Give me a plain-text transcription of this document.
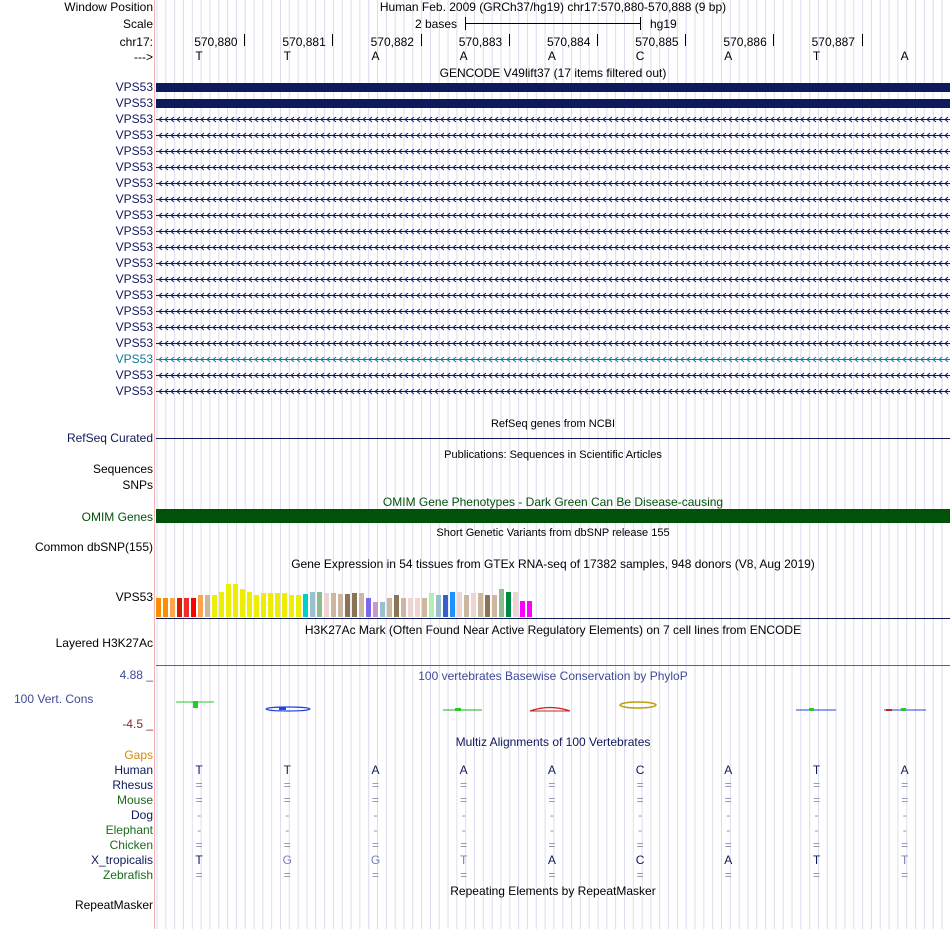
Window Position	Human Feb. 2009 (GRCh37/hg19) chr17:570,880-570,888 (9 bp)
Scale	2 bases	hg19
chr17:
--->
570,880	570,881	570,882	570,883	570,884	570,885	570,886	570,887
T	T	A	A	A	C	A	T	A
GENCODE V49lift37 (17 items filtered out)
VPS53
VPS53
VPS53
VPS53
VPS53
VPS53
VPS53
VPS53
VPS53
VPS53
VPS53
VPS53
VPS53
VPS53
VPS53
VPS53
VPS53
VPS53
VPS53
VPS53
RefSeq genes from NCBI
RefSeq Curated
Publications: Sequences in Scientific Articles
Sequences
SNPs
OMIM Gene Phenotypes - Dark Green Can Be Disease-causing
OMIM Genes
Short Genetic Variants from dbSNP release 155
Common dbSNP(155)
Gene Expression in 54 tissues from GTEx RNA-seq of 17382 samples, 948 donors (V8, Aug 2019)
VPS53
H3K27Ac Mark (Often Found Near Active Regulatory Elements) on 7 cell lines from ENCODE
Layered H3K27Ac
100 vertebrates Basewise Conservation by PhyloP
4.88 _
100 Vert. Cons
-4.5 _
Multiz Alignments of 100 Vertebrates
Gaps
Human	T	T	A	A	A	C	A	T	A
Rhesus	=	=	=	=	=	=	=	=	=
Mouse	=	=	=	=	=	=	=	=	=
Dog	-	-	-	-	-	-	-	-	-
Elephant	-	-	-	-	-	-	-	-	-
Chicken	=	=	=	=	=	=	=	=	=
X_tropicalis	T	G	G	T	A	C	A	T	T
Zebrafish	=	=	=	=	=	=	=	=	=
Repeating Elements by RepeatMasker
RepeatMasker
